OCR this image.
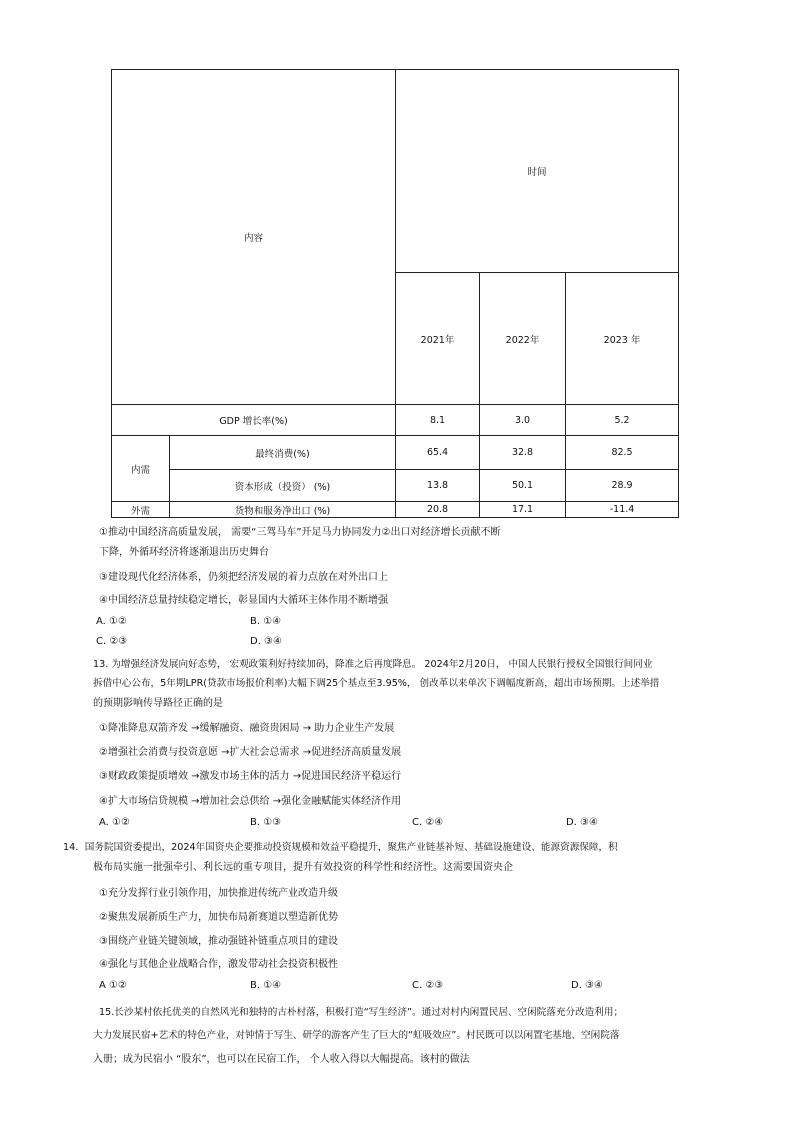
内容		时间		
		2021年	2022年	2023 年
GDP 增长率(%)		8.1	3.0	5.2
内需	最终消费(%)	65.4	32.8	82.5
	资本形成（投资） (%)	13.8	50.1	28.9
外需	货物和服务净出口 (%)	20.8	17.1	-11.4
①推动中国经济高质量发展， 需要“三驾马车”开足马力协同发力②出口对经济增长贡献不断
下降，外循环经济将逐渐退出历史舞台
③建设现代化经济体系，仍须把经济发展的着力点放在对外出口上
④中国经济总量持续稳定增长，彰显国内大循环主体作用不断增强
A. ①②	B. ①④
C. ②③	D. ③④
13. 为增强经济发展向好态势， 宏观政策利好持续加码，降准之后再度降息。 2024年2月20日， 中国人民银行授权全国银行间同业
拆借中心公布，5年期LPR(贷款市场报价利率)大幅下调25个基点至3.95%， 创改革以来单次下调幅度新高，超出市场预期。上述举措
的预期影响传导路径正确的是
①降准降息双箭齐发 →缓解融资、融资贵困局 → 助力企业生产发展
②增强社会消费与投资意愿 →扩大社会总需求 →促进经济高质量发展
③财政政策提质增效 →激发市场主体的活力 →促进国民经济平稳运行
④扩大市场信贷规模 →增加社会总供给 →强化金融赋能实体经济作用
A. ①②	B. ①③	C. ②④	D. ③④
14．国务院国资委提出，2024年国资央企要推动投资规模和效益平稳提升，聚焦产业链基补短、基础设施建设、能源资源保障，积
极布局实施一批强牵引、利长远的重专项目，提升有效投资的科学性和经济性。这需要国资央企
①充分发挥行业引领作用，加快推进传统产业改造升级
②聚焦发展新质生产力，加快布局新赛道以塑造新优势
③围绕产业链关键领域，推动强链补链重点项目的建设
④强化与其他企业战略合作，激发带动社会投资积极性
A ①②	B. ①④	C. ②③	D. ③④
15.长沙某村依托优美的自然风光和独特的古朴村落，积极打造“写生经济”。通过对村内闲置民居、空闲院落充分改造利用；
大力发展民宿+艺术的特色产业，对钟情于写生、研学的游客产生了巨大的“虹吸效应”。村民既可以以闲置宅基地、空闲院落
入册；成为民宿小 “股东”，也可以在民宿工作， 个人收入得以大幅提高。该村的做法
